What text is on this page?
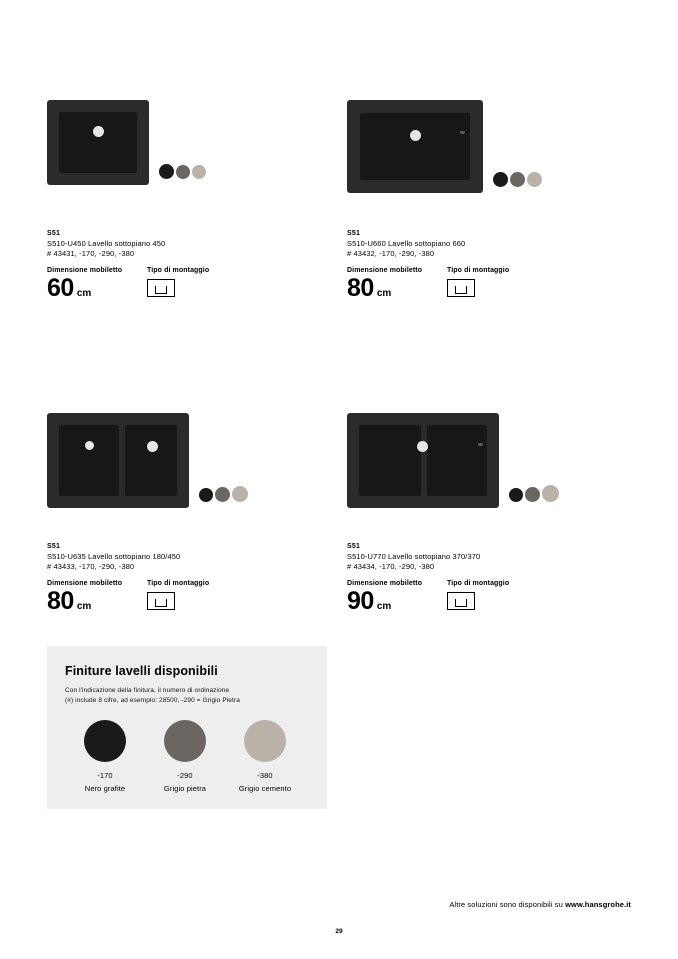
S51
S510-U450 Lavello sottopiano 450
# 43431, -170, -290, -380
Dimensione mobiletto	Tipo di montaggio
60 cm
S51
S510-U660 Lavello sottopiano 660
# 43432, -170, -290, -380
Dimensione mobiletto	Tipo di montaggio
80 cm
S51
S510-U635 Lavello sottopiano 180/450
# 43433, -170, -290, -380
Dimensione mobiletto	Tipo di montaggio
80 cm
S51
S510-U770 Lavello sottopiano 370/370
# 43434, -170, -290, -380
Dimensione mobiletto	Tipo di montaggio
90 cm
Finiture lavelli disponibili
Con l'indicazione della finitura, il numero di ordinazione
(#) include 8 cifre, ad esempio: 28500, -290 = Grigio Pietra
-170
Nero grafite
-290
Grigio pietra
-380
Grigio cemento
Altre soluzioni sono disponibili su www.hansgrohe.it
29
